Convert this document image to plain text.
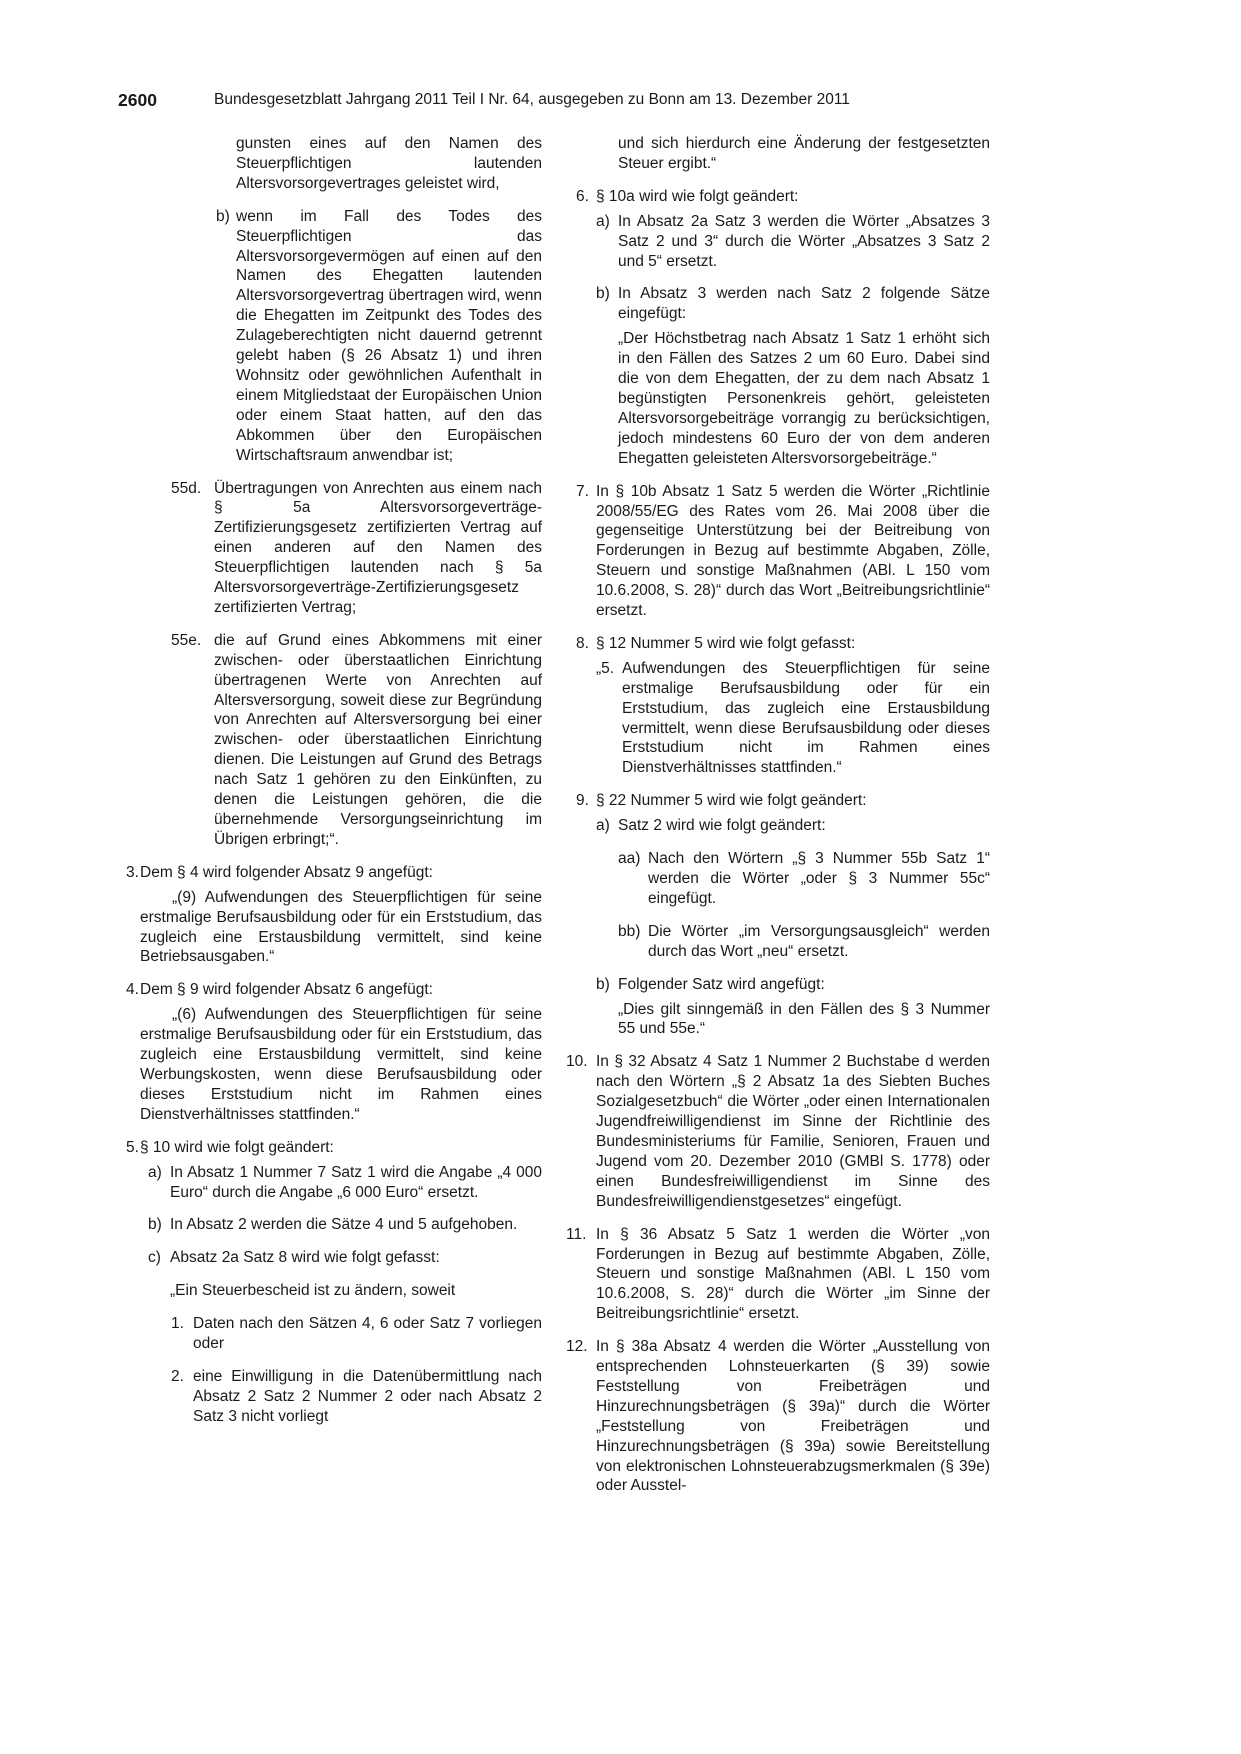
2600	Bundesgesetzblatt Jahrgang 2011 Teil I Nr. 64, ausgegeben zu Bonn am 13. Dezember 2011
gunsten eines auf den Namen des Steuerpflichtigen lautenden Altersvorsorgevertrages geleistet wird,
b) wenn im Fall des Todes des Steuerpflichtigen das Altersvorsorgevermögen auf einen auf den Namen des Ehegatten lautenden Altersvorsorgevertrag übertragen wird, wenn die Ehegatten im Zeitpunkt des Todes des Zulageberechtigten nicht dauernd getrennt gelebt haben (§ 26 Absatz 1) und ihren Wohnsitz oder gewöhnlichen Aufenthalt in einem Mitgliedstaat der Europäischen Union oder einem Staat hatten, auf den das Abkommen über den Europäischen Wirtschaftsraum anwendbar ist;
55d. Übertragungen von Anrechten aus einem nach § 5a Altersvorsorgeverträge-Zertifizierungsgesetz zertifizierten Vertrag auf einen anderen auf den Namen des Steuerpflichtigen lautenden nach § 5a Altersvorsorgeverträge-Zertifizierungsgesetz zertifizierten Vertrag;
55e. die auf Grund eines Abkommens mit einer zwischen- oder überstaatlichen Einrichtung übertragenen Werte von Anrechten auf Altersversorgung, soweit diese zur Begründung von Anrechten auf Altersversorgung bei einer zwischen- oder überstaatlichen Einrichtung dienen. Die Leistungen auf Grund des Betrags nach Satz 1 gehören zu den Einkünften, zu denen die Leistungen gehören, die die übernehmende Versorgungseinrichtung im Übrigen erbringt;“.
3. Dem § 4 wird folgender Absatz 9 angefügt:
„(9) Aufwendungen des Steuerpflichtigen für seine erstmalige Berufsausbildung oder für ein Erststudium, das zugleich eine Erstausbildung vermittelt, sind keine Betriebsausgaben.“
4. Dem § 9 wird folgender Absatz 6 angefügt:
„(6) Aufwendungen des Steuerpflichtigen für seine erstmalige Berufsausbildung oder für ein Erststudium, das zugleich eine Erstausbildung vermittelt, sind keine Werbungskosten, wenn diese Berufsausbildung oder dieses Erststudium nicht im Rahmen eines Dienstverhältnisses stattfinden.“
5. § 10 wird wie folgt geändert:
a) In Absatz 1 Nummer 7 Satz 1 wird die Angabe „4 000 Euro“ durch die Angabe „6 000 Euro“ ersetzt.
b) In Absatz 2 werden die Sätze 4 und 5 aufgehoben.
c) Absatz 2a Satz 8 wird wie folgt gefasst:
„Ein Steuerbescheid ist zu ändern, soweit
1. Daten nach den Sätzen 4, 6 oder Satz 7 vorliegen oder
2. eine Einwilligung in die Datenübermittlung nach Absatz 2 Satz 2 Nummer 2 oder nach Absatz 2 Satz 3 nicht vorliegt
und sich hierdurch eine Änderung der festgesetzten Steuer ergibt.“
6. § 10a wird wie folgt geändert:
a) In Absatz 2a Satz 3 werden die Wörter „Absatzes 3 Satz 2 und 3“ durch die Wörter „Absatzes 3 Satz 2 und 5“ ersetzt.
b) In Absatz 3 werden nach Satz 2 folgende Sätze eingefügt:
„Der Höchstbetrag nach Absatz 1 Satz 1 erhöht sich in den Fällen des Satzes 2 um 60 Euro. Dabei sind die von dem Ehegatten, der zu dem nach Absatz 1 begünstigten Personenkreis gehört, geleisteten Altersvorsorgebeiträge vorrangig zu berücksichtigen, jedoch mindestens 60 Euro der von dem anderen Ehegatten geleisteten Altersvorsorgebeiträge.“
7. In § 10b Absatz 1 Satz 5 werden die Wörter „Richtlinie 2008/55/EG des Rates vom 26. Mai 2008 über die gegenseitige Unterstützung bei der Beitreibung von Forderungen in Bezug auf bestimmte Abgaben, Zölle, Steuern und sonstige Maßnahmen (ABl. L 150 vom 10.6.2008, S. 28)“ durch das Wort „Beitreibungsrichtlinie“ ersetzt.
8. § 12 Nummer 5 wird wie folgt gefasst:
„5. Aufwendungen des Steuerpflichtigen für seine erstmalige Berufsausbildung oder für ein Erststudium, das zugleich eine Erstausbildung vermittelt, wenn diese Berufsausbildung oder dieses Erststudium nicht im Rahmen eines Dienstverhältnisses stattfinden.“
9. § 22 Nummer 5 wird wie folgt geändert:
a) Satz 2 wird wie folgt geändert:
aa) Nach den Wörtern „§ 3 Nummer 55b Satz 1“ werden die Wörter „oder § 3 Nummer 55c“ eingefügt.
bb) Die Wörter „im Versorgungsausgleich“ werden durch das Wort „neu“ ersetzt.
b) Folgender Satz wird angefügt:
„Dies gilt sinngemäß in den Fällen des § 3 Nummer 55 und 55e.“
10. In § 32 Absatz 4 Satz 1 Nummer 2 Buchstabe d werden nach den Wörtern „§ 2 Absatz 1a des Siebten Buches Sozialgesetzbuch“ die Wörter „oder einen Internationalen Jugendfreiwilligendienst im Sinne der Richtlinie des Bundesministeriums für Familie, Senioren, Frauen und Jugend vom 20. Dezember 2010 (GMBl S. 1778) oder einen Bundesfreiwilligendienst im Sinne des Bundesfreiwilligendienstgesetzes“ eingefügt.
11. In § 36 Absatz 5 Satz 1 werden die Wörter „von Forderungen in Bezug auf bestimmte Abgaben, Zölle, Steuern und sonstige Maßnahmen (ABl. L 150 vom 10.6.2008, S. 28)“ durch die Wörter „im Sinne der Beitreibungsrichtlinie“ ersetzt.
12. In § 38a Absatz 4 werden die Wörter „Ausstellung von entsprechenden Lohnsteuerkarten (§ 39) sowie Feststellung von Freibeträgen und Hinzurechnungsbeträgen (§ 39a)“ durch die Wörter „Feststellung von Freibeträgen und Hinzurechnungsbeträgen (§ 39a) sowie Bereitstellung von elektronischen Lohnsteuerabzugsmerkmalen (§ 39e) oder Ausstel-
